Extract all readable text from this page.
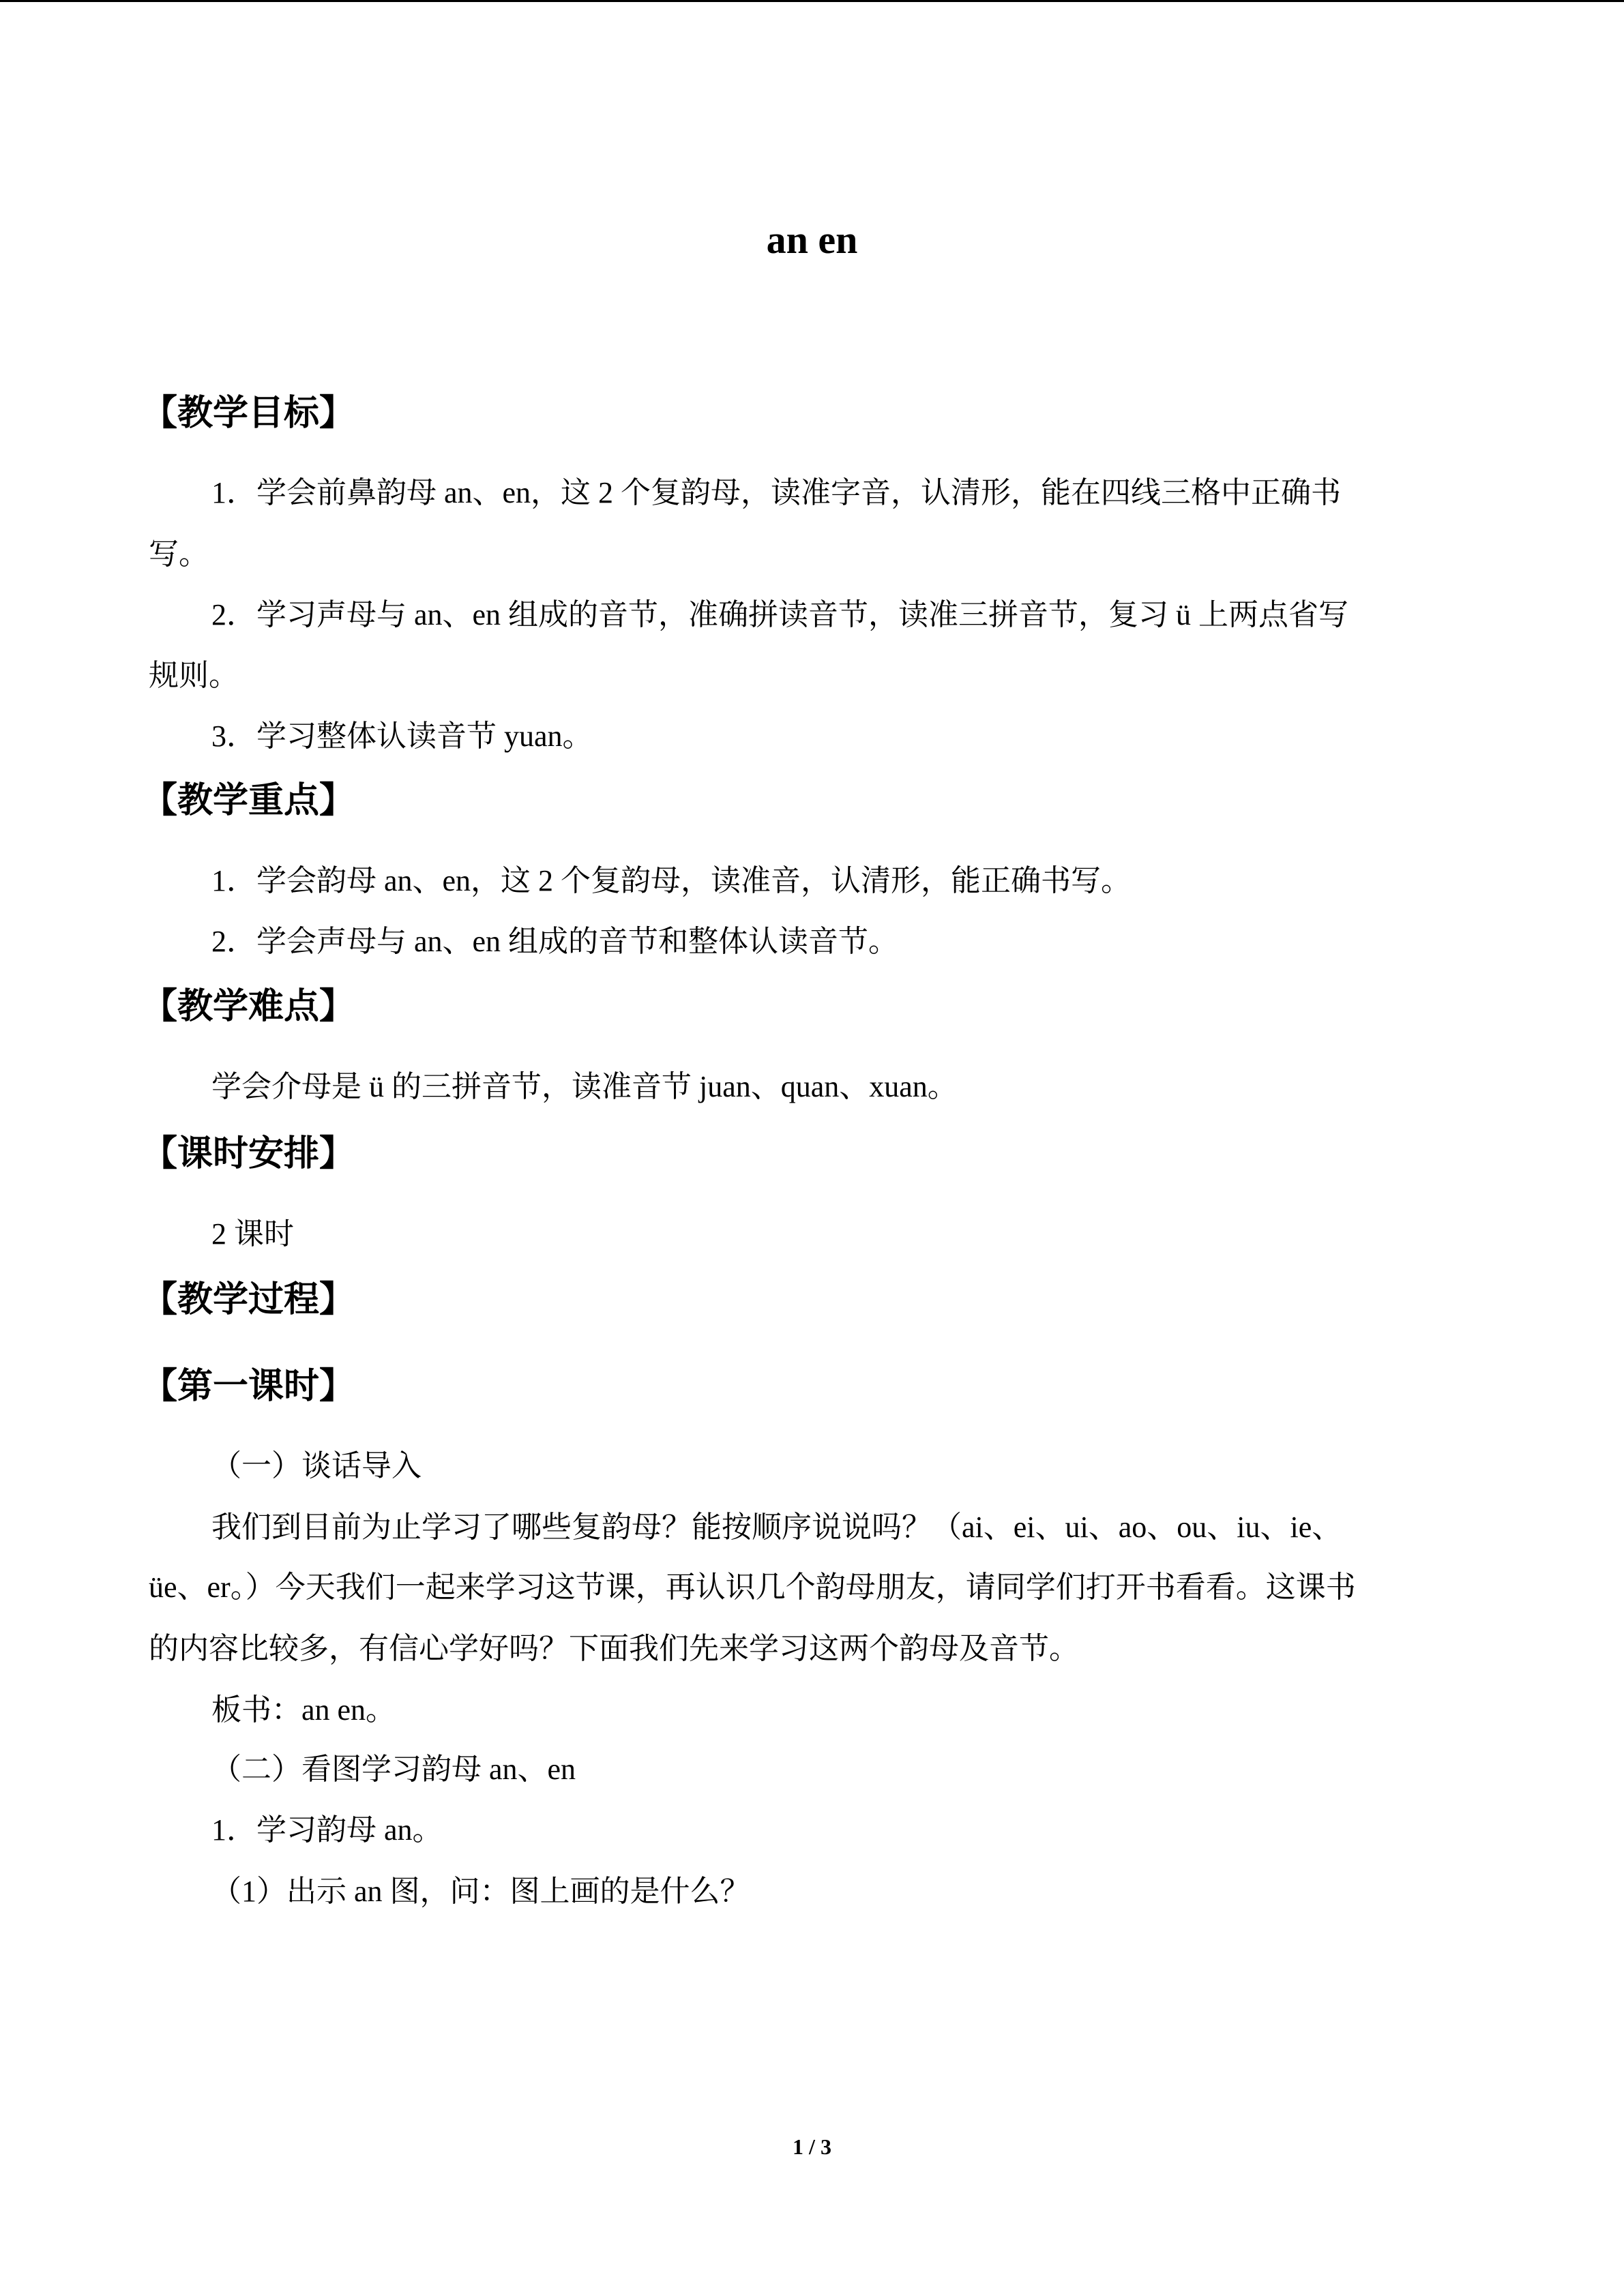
an en
【教学目标】
1．学会前鼻韵母 an、en，这 2 个复韵母，读准字音，认清形，能在四线三格中正确书
写。
2．学习声母与 an、en 组成的音节，准确拼读音节，读准三拼音节，复习 ü 上两点省写
规则。
3．学习整体认读音节 yuan。
【教学重点】
1．学会韵母 an、en，这 2 个复韵母，读准音，认清形，能正确书写。
2．学会声母与 an、en 组成的音节和整体认读音节。
【教学难点】
学会介母是 ü 的三拼音节，读准音节 juan、quan、xuan。
【课时安排】
2 课时
【教学过程】
【第一课时】
（一）谈话导入
我们到目前为止学习了哪些复韵母？能按顺序说说吗？（ai、ei、ui、ao、ou、iu、ie、
üe、er。）今天我们一起来学习这节课，再认识几个韵母朋友，请同学们打开书看看。这课书
的内容比较多，有信心学好吗？下面我们先来学习这两个韵母及音节。
板书：an en。
（二）看图学习韵母 an、en
1．学习韵母 an。
（1）出示 an 图，问：图上画的是什么？
1 / 3
